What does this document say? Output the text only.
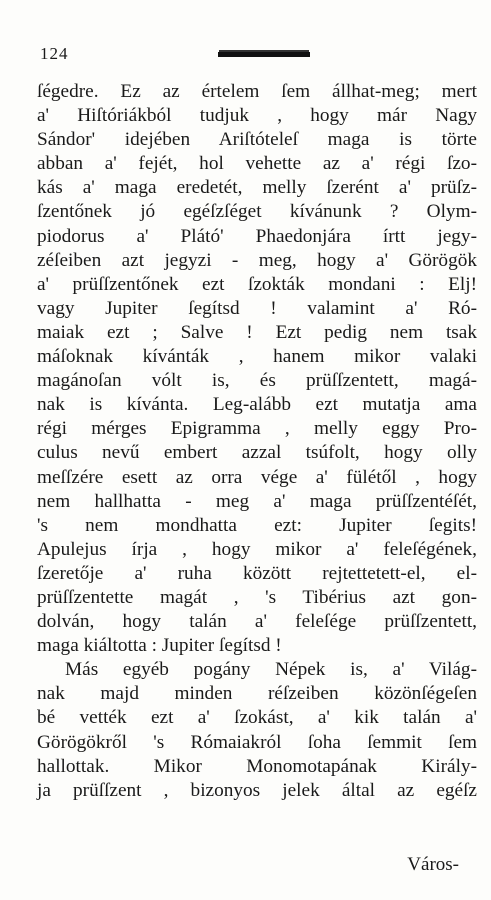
124
ſégedre. Ez az értelem ſem állhat-meg; mert
a' Hiſtóriákból tudjuk , hogy már Nagy
Sándor' idejében Ariſtóteleſ maga is törte
abban a' fejét, hol vehette az a' régi ſzo-
kás a' maga eredetét, melly ſzerént a' prüſz-
ſzentőnek jó egéſzſéget kívánunk ? Olym-
piodorus a' Plátó' Phaedonjára írtt jegy-
zéſeiben azt jegyzi - meg, hogy a' Görögök
a' prüſſzentőnek ezt ſzokták mondani : Elj!
vagy Jupiter ſegítsd ! valamint a' Ró-
maiak ezt ; Salve ! Ezt pedig nem tsak
máſoknak kívánták , hanem mikor valaki
magánoſan vólt is, és prüſſzentett, magá-
nak is kívánta. Leg-alább ezt mutatja ama
régi mérges Epigramma , melly eggy Pro-
culus nevű embert azzal tsúfolt, hogy olly
meſſzére esett az orra vége a' fülétől , hogy
nem hallhatta - meg a' maga prüſſzentéſét,
's nem mondhatta ezt: Jupiter ſegits!
Apulejus írja , hogy mikor a' feleſégének,
ſzeretője a' ruha között rejtettetett-el, el-
prüſſzentette magát , 's Tibérius azt gon-
dolván, hogy talán a' feleſége prüſſzentett,
maga kiáltotta : Jupiter ſegítsd !
Más egyéb pogány Népek is, a' Világ-
nak majd minden réſzeiben közönſégeſen
bé vették ezt a' ſzokást, a' kik talán a'
Görögökről 's Rómaiakról ſoha ſemmit ſem
hallottak. Mikor Monomotapának Király-
ja prüſſzent , bizonyos jelek által az egéſz
Város-
